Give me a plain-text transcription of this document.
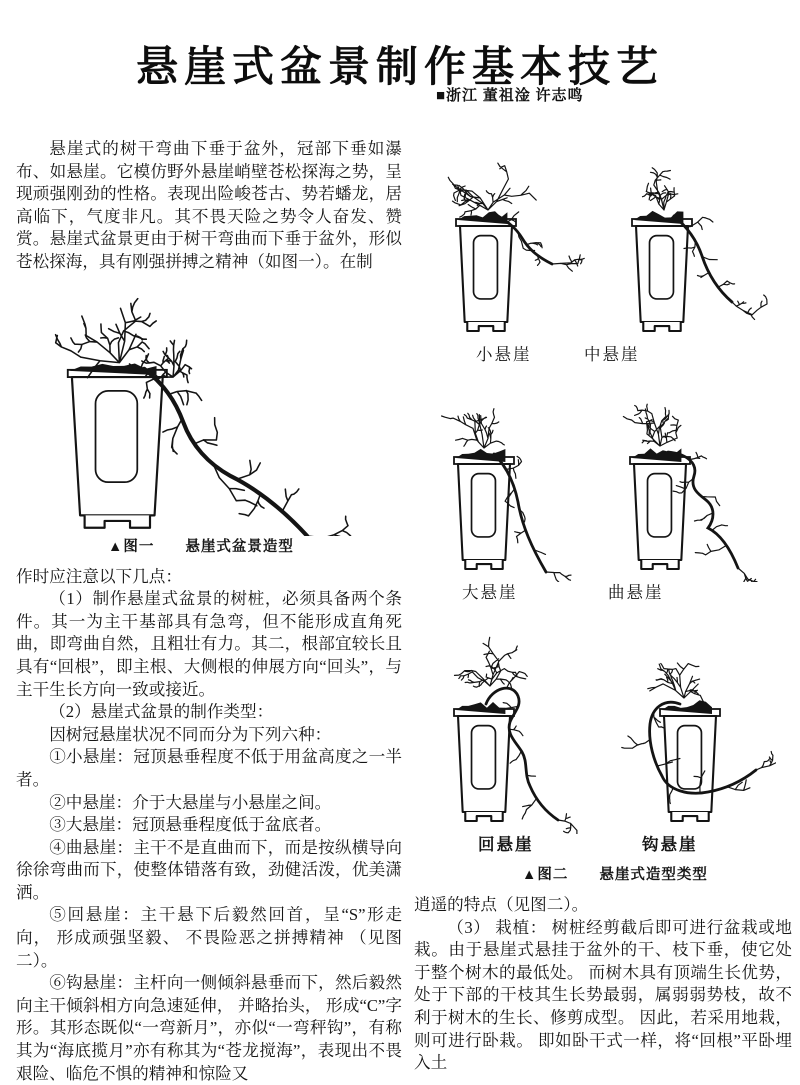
悬崖式盆景制作基本技艺
■浙江 董祖淦 许志鸣

悬崖式的树干弯曲下垂于盆外，冠部下垂如瀑布、如悬崖。它模仿野外悬崖峭壁苍松探海之势，呈现顽强刚劲的性格。表现出险峻苍古、势若蟠龙，居高临下，气度非凡。其不畏天险之势令人奋发、赞赏。悬崖式盆景更由于树干弯曲而下垂于盆外，形似苍松探海，具有刚强拼搏之精神（如图一）。在制

▲图一　　悬崖式盆景造型

作时应注意以下几点：

（1）制作悬崖式盆景的树桩，必须具备两个条件。其一为主干基部具有急弯，但不能形成直角死曲，即弯曲自然，且粗壮有力。其二，根部宜较长且具有“回根”，即主根、大侧根的伸展方向“回头”，与主干生长方向一致或接近。

（2）悬崖式盆景的制作类型：

因树冠悬崖状况不同而分为下列六种：

①小悬崖：冠顶悬垂程度不低于用盆高度之一半者。

②中悬崖：介于大悬崖与小悬崖之间。

③大悬崖：冠顶悬垂程度低于盆底者。

④曲悬崖：主干不是直曲而下，而是按纵横导向徐徐弯曲而下，使整体错落有致，劲健活泼，优美潇洒。

⑤回悬崖：主干悬下后毅然回首，呈“S”形走向， 形成顽强坚毅、 不畏险恶之拼搏精神 （见图二）。

⑥钩悬崖：主杆向一侧倾斜悬垂而下，然后毅然向主干倾斜相方向急速延伸， 并略抬头， 形成“C”字形。其形态既似“一弯新月”，亦似“一弯秤钩”，有称其为“海底揽月”亦有称其为“苍龙搅海”，表现出不畏艰险、临危不惧的精神和惊险又

小悬崖	中悬崖
大悬崖	曲悬崖
回悬崖	钩悬崖
▲图二　　悬崖式造型类型

逍遥的特点（见图二）。

（3） 栽植： 树桩经剪截后即可进行盆栽或地栽。由于悬崖式悬挂于盆外的干、枝下垂，使它处于整个树木的最低处。 而树木具有顶端生长优势，处于下部的干枝其生长势最弱，属弱弱势枝，故不利于树木的生长、修剪成型。 因此，若采用地栽，则可进行卧栽。 即如卧干式一样，将“回根”平卧埋入土
